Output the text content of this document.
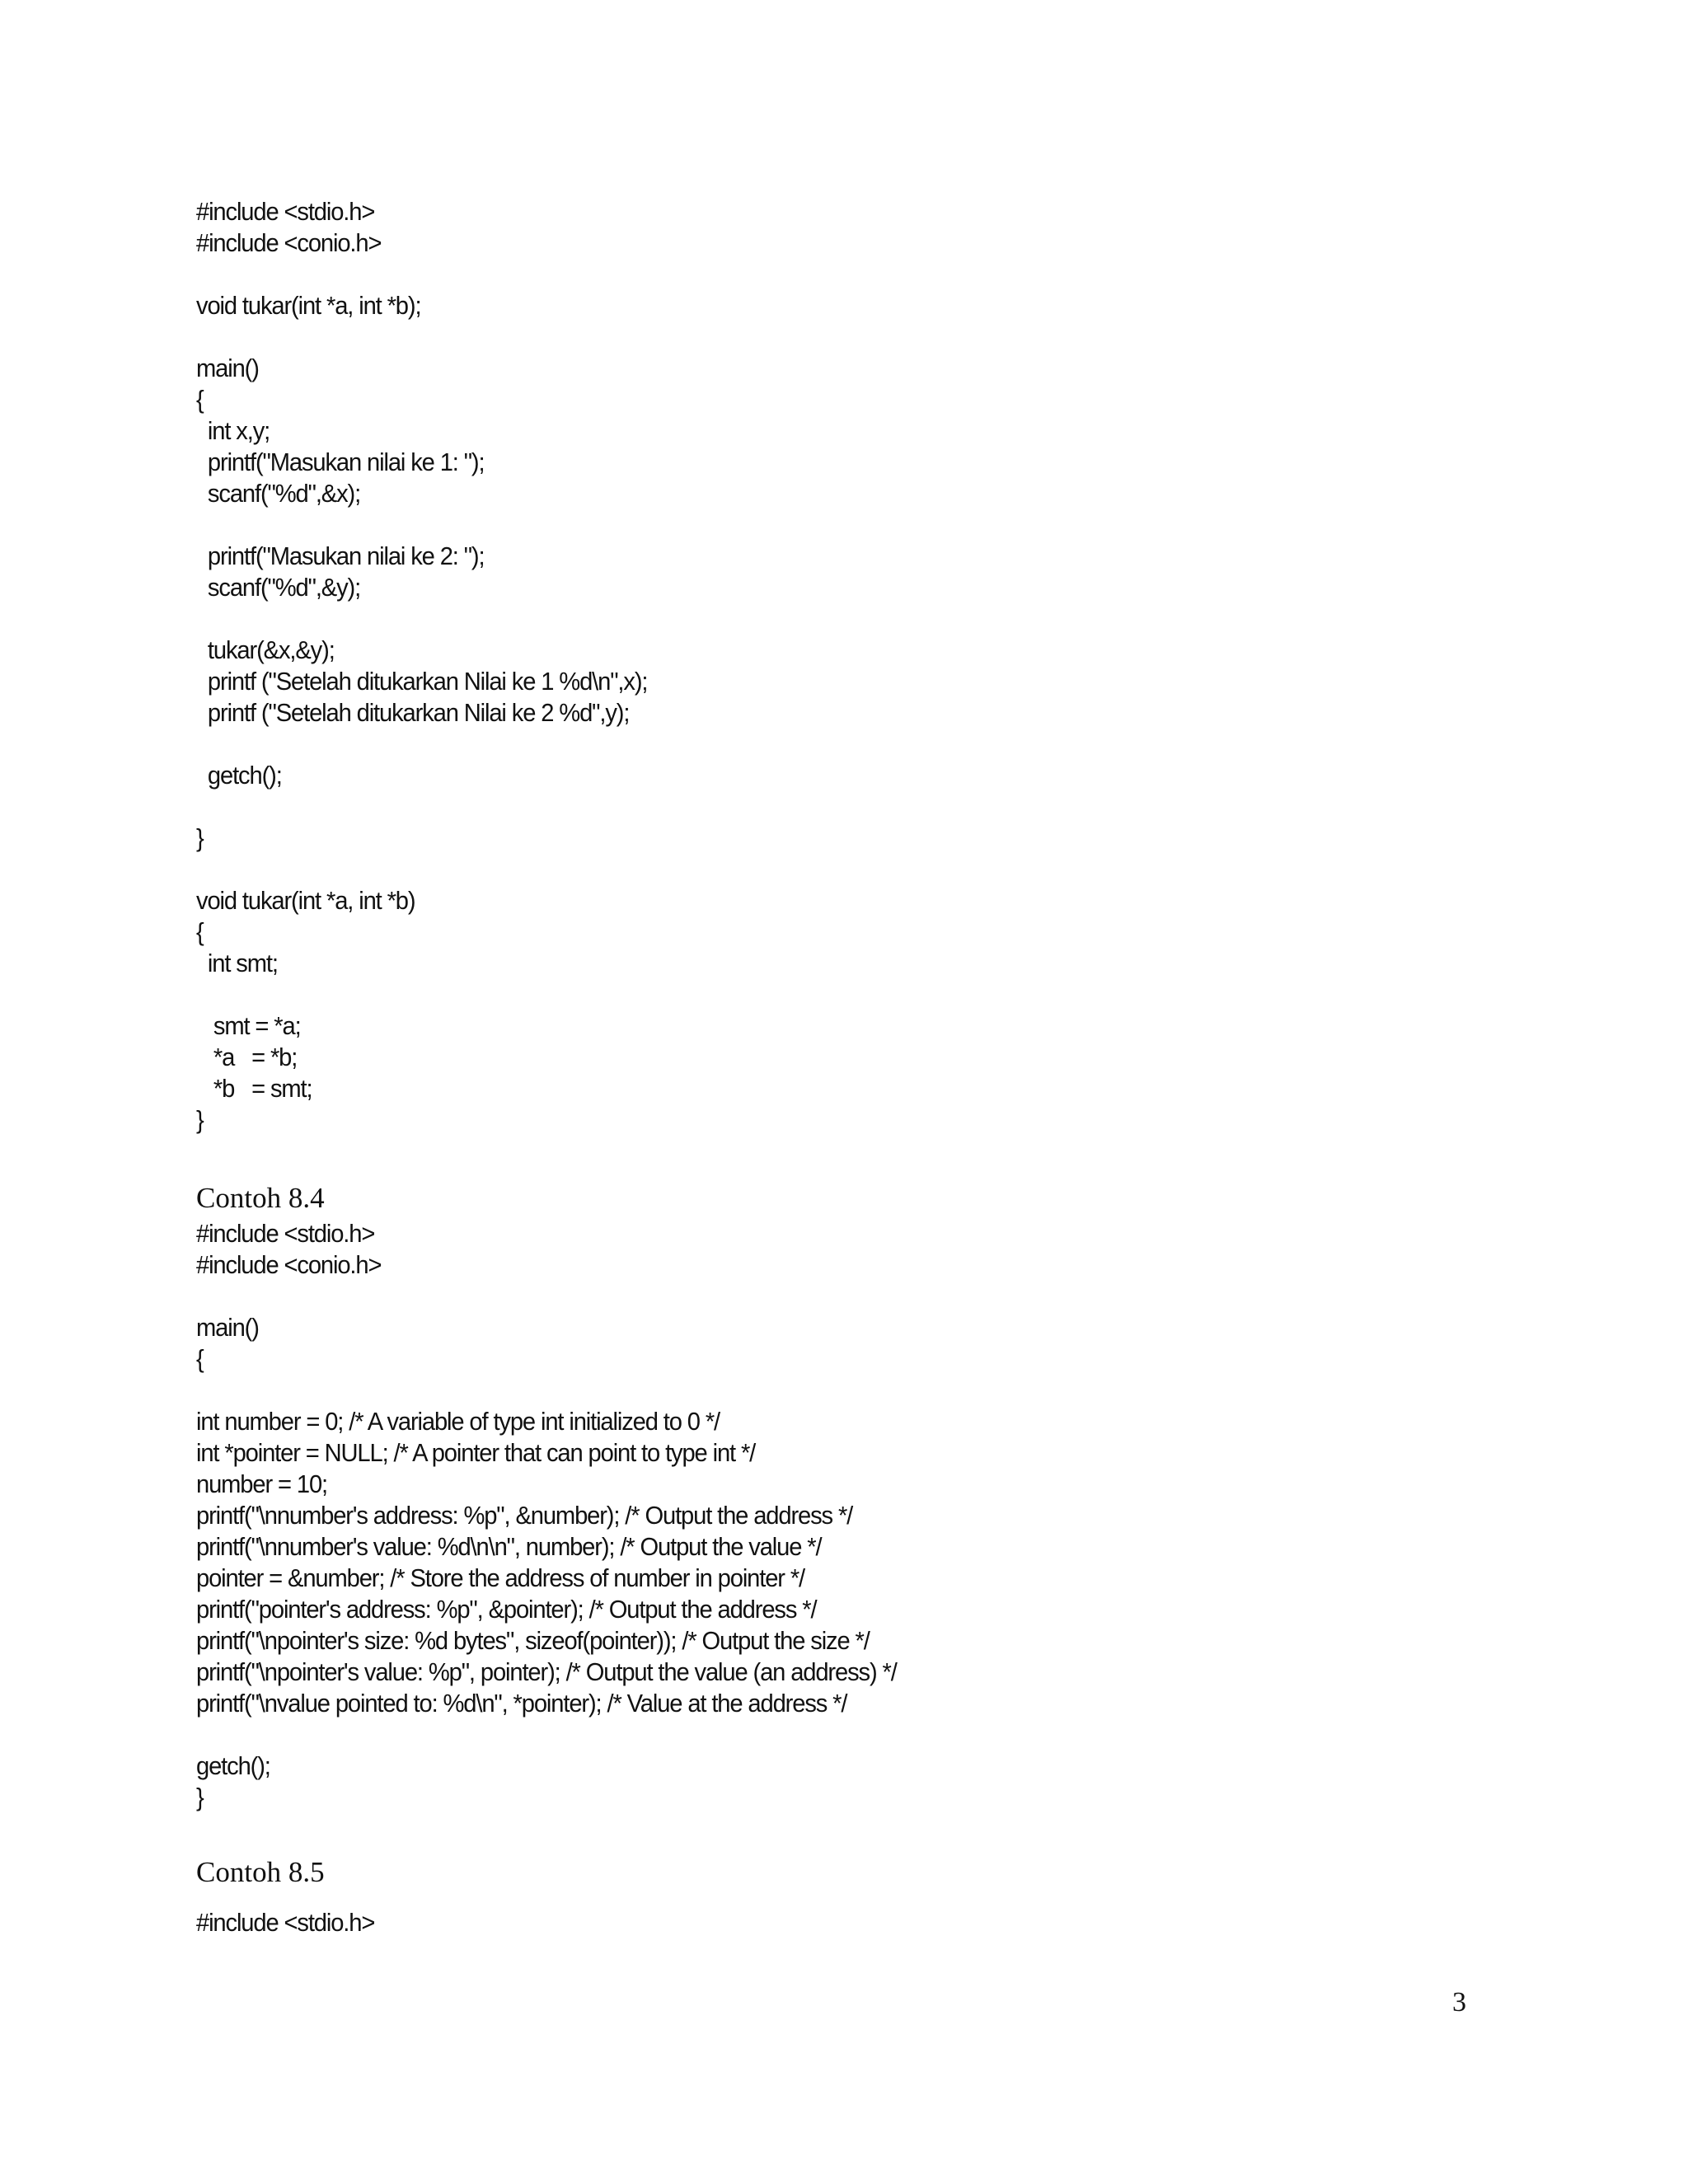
#include <stdio.h>
#include <conio.h>

void tukar(int *a, int *b);

main()
{
int x,y;
printf("Masukan nilai ke 1: ");
scanf("%d",&x);

printf("Masukan nilai ke 2: ");
scanf("%d",&y);

tukar(&x,&y);
printf ("Setelah ditukarkan Nilai ke 1 %d\n",x);
printf ("Setelah ditukarkan Nilai ke 2 %d",y);

getch();

}

void tukar(int *a, int *b)
{
int smt;

smt = *a;
*a   = *b;
*b   = smt;
}
Contoh 8.4
#include <stdio.h>
#include <conio.h>

main()
{

int number = 0; /* A variable of type int initialized to 0 */
int *pointer = NULL; /* A pointer that can point to type int */
number = 10;
printf("\nnumber's address: %p", &number); /* Output the address */
printf("\nnumber's value: %d\n\n", number); /* Output the value */
pointer = &number; /* Store the address of number in pointer */
printf("pointer's address: %p", &pointer); /* Output the address */
printf("\npointer's size: %d bytes", sizeof(pointer)); /* Output the size */
printf("\npointer's value: %p", pointer); /* Output the value (an address) */
printf("\nvalue pointed to: %d\n", *pointer); /* Value at the address */

getch();
}
Contoh 8.5
#include <stdio.h>
3
